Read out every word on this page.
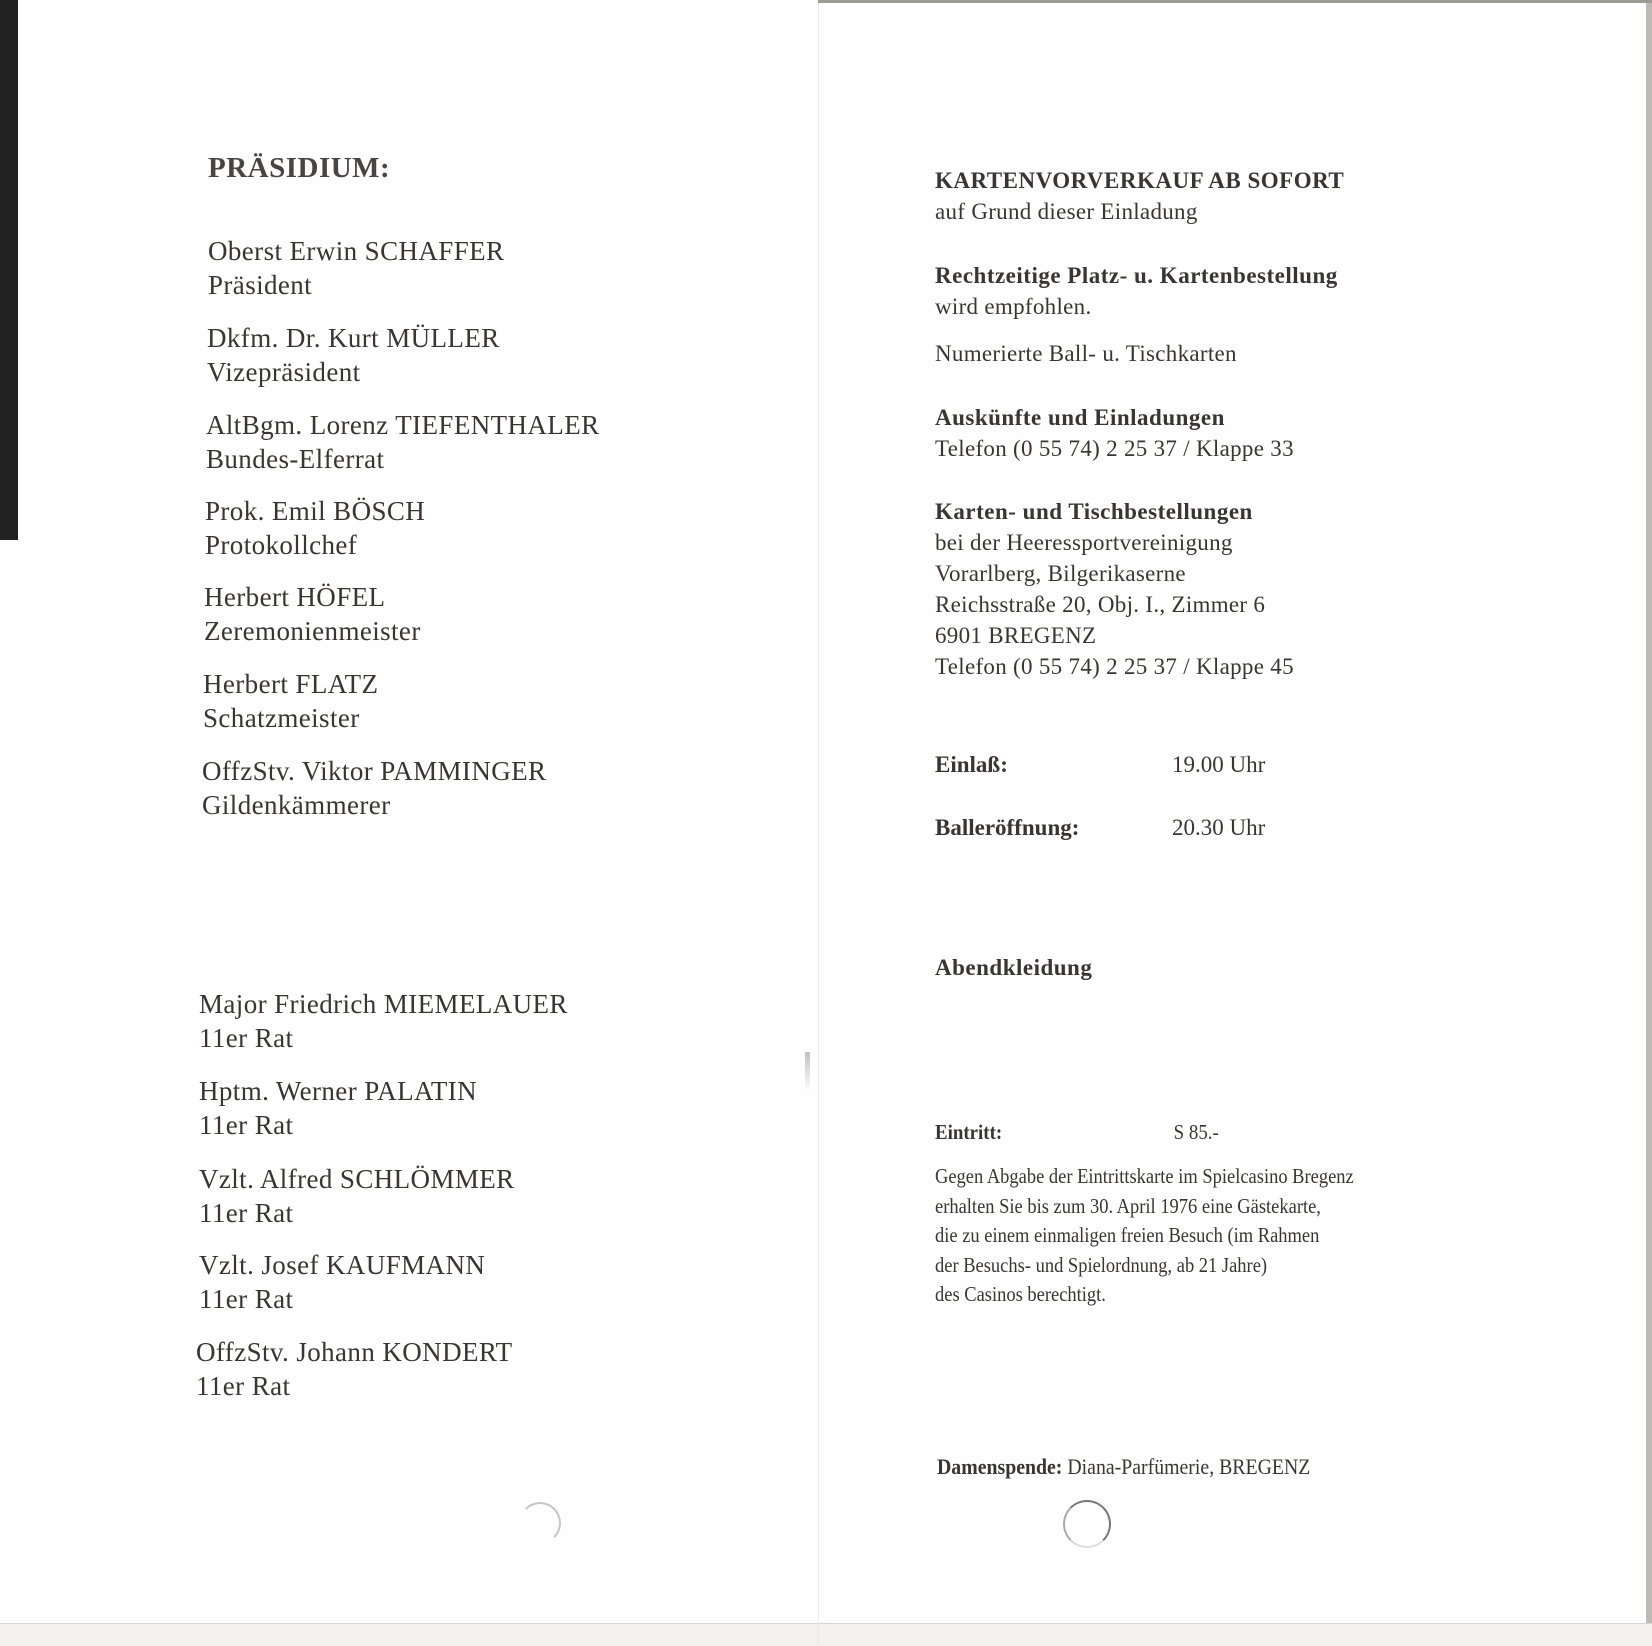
PRÄSIDIUM:
Oberst Erwin SCHAFFER
Präsident
Dkfm. Dr. Kurt MÜLLER
Vizepräsident
AltBgm. Lorenz TIEFENTHALER
Bundes-Elferrat
Prok. Emil BÖSCH
Protokollchef
Herbert HÖFEL
Zeremonienmeister
Herbert FLATZ
Schatzmeister
OffzStv. Viktor PAMMINGER
Gildenkämmerer
Major Friedrich MIEMELAUER
11er Rat
Hptm. Werner PALATIN
11er Rat
Vzlt. Alfred SCHLÖMMER
11er Rat
Vzlt. Josef KAUFMANN
11er Rat
OffzStv. Johann KONDERT
11er Rat
KARTENVORVERKAUF AB SOFORT
auf Grund dieser Einladung
Rechtzeitige Platz- u. Kartenbestellung
wird empfohlen.
Numerierte Ball- u. Tischkarten
Auskünfte und Einladungen
Telefon (0 55 74) 2 25 37 / Klappe 33
Karten- und Tischbestellungen
bei der Heeressportvereinigung
Vorarlberg, Bilgerikaserne
Reichsstraße 20, Obj. I., Zimmer 6
6901 BREGENZ
Telefon (0 55 74) 2 25 37 / Klappe 45
Einlaß:	19.00 Uhr
Balleröffnung:	20.30 Uhr
Abendkleidung
Eintritt:	S 85.-
Gegen Abgabe der Eintrittskarte im Spielcasino Bregenz
erhalten Sie bis zum 30. April 1976 eine Gästekarte,
die zu einem einmaligen freien Besuch (im Rahmen
der Besuchs- und Spielordnung, ab 21 Jahre)
des Casinos berechtigt.
Damenspende: Diana-Parfümerie, BREGENZ
